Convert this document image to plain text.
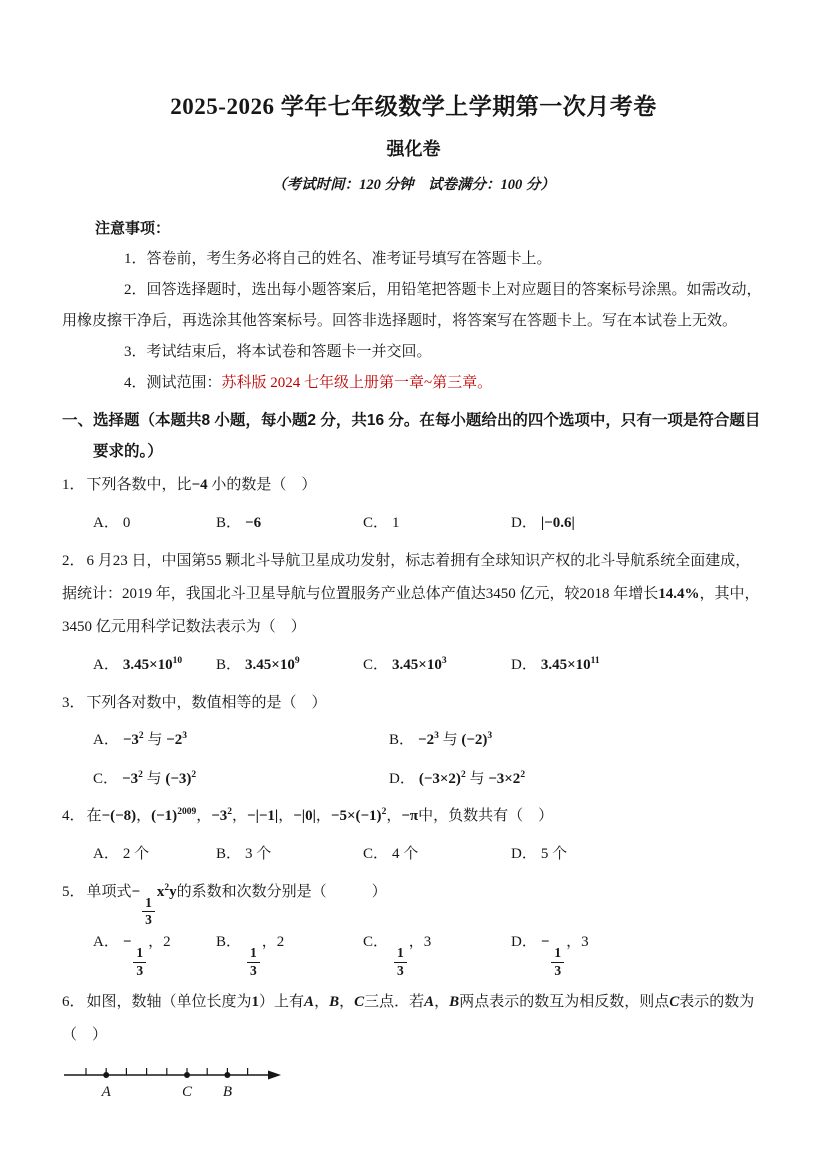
2025-2026 学年七年级数学上学期第一次月考卷
强化卷

（考试时间：120 分钟　试卷满分：100 分）

注意事项：

1．答卷前，考生务必将自己的姓名、准考证号填写在答题卡上。

2．回答选择题时，选出每小题答案后，用铅笔把答题卡上对应题目的答案标号涂黑。如需改动，用橡皮擦干净后，再选涂其他答案标号。回答非选择题时，将答案写在答题卡上。写在本试卷上无效。

3．考试结束后，将本试卷和答题卡一并交回。

4．测试范围：苏科版 2024 七年级上册第一章~第三章。

一、选择题（本题共8 小题，每小题2 分，共16 分。在每小题给出的四个选项中，只有一项是符合题目要求的。）

1． 下列各数中，比−4 小的数是（　）

A． 0	B． −6	C． 1	D． |−0.6|

2． 6 月23 日，中国第55 颗北斗导航卫星成功发射，标志着拥有全球知识产权的北斗导航系统全面建成，据统计：2019 年，我国北斗卫星导航与位置服务产业总体产值达3450 亿元，较2018 年增长14.4%，其中，3450 亿元用科学记数法表示为（　）

A． $3.45\times 10^{10}$	B． $3.45\times 10^9$	C． $3.45\times 10^3$	D． $3.45\times 10^{11}$

3． 下列各对数中，数值相等的是（　）

A． $-3^2$ 与 $-2^3$	B． $-2^3$ 与 $(-2)^3$
C． $-3^2$ 与 $(-3)^2$	D． $(-3\times 2)^2$ 与 $-3\times 2^2$

4． 在−(−8)，$(-1)^{2009}$，$-3^2$，−|−1|，−|0|，$-5\times(-1)^2$，−π中，负数共有（　）

A． 2 个	B． 3 个	C． 4 个	D． 5 个

5． 单项式−
$\frac{1}{3}$
$x^2y$的系数和次数分别是（　　　）

A． −
$\frac{1}{3}$
，2	B．
$\frac{1}{3}$
，2	C．
$\frac{1}{3}$
，3	D． −
$\frac{1}{3}$
，3

6． 如图，数轴（单位长度为1）上有A，B，C三点．若A，B两点表示的数互为相反数，则点C表示的数为（　）

A	C B
